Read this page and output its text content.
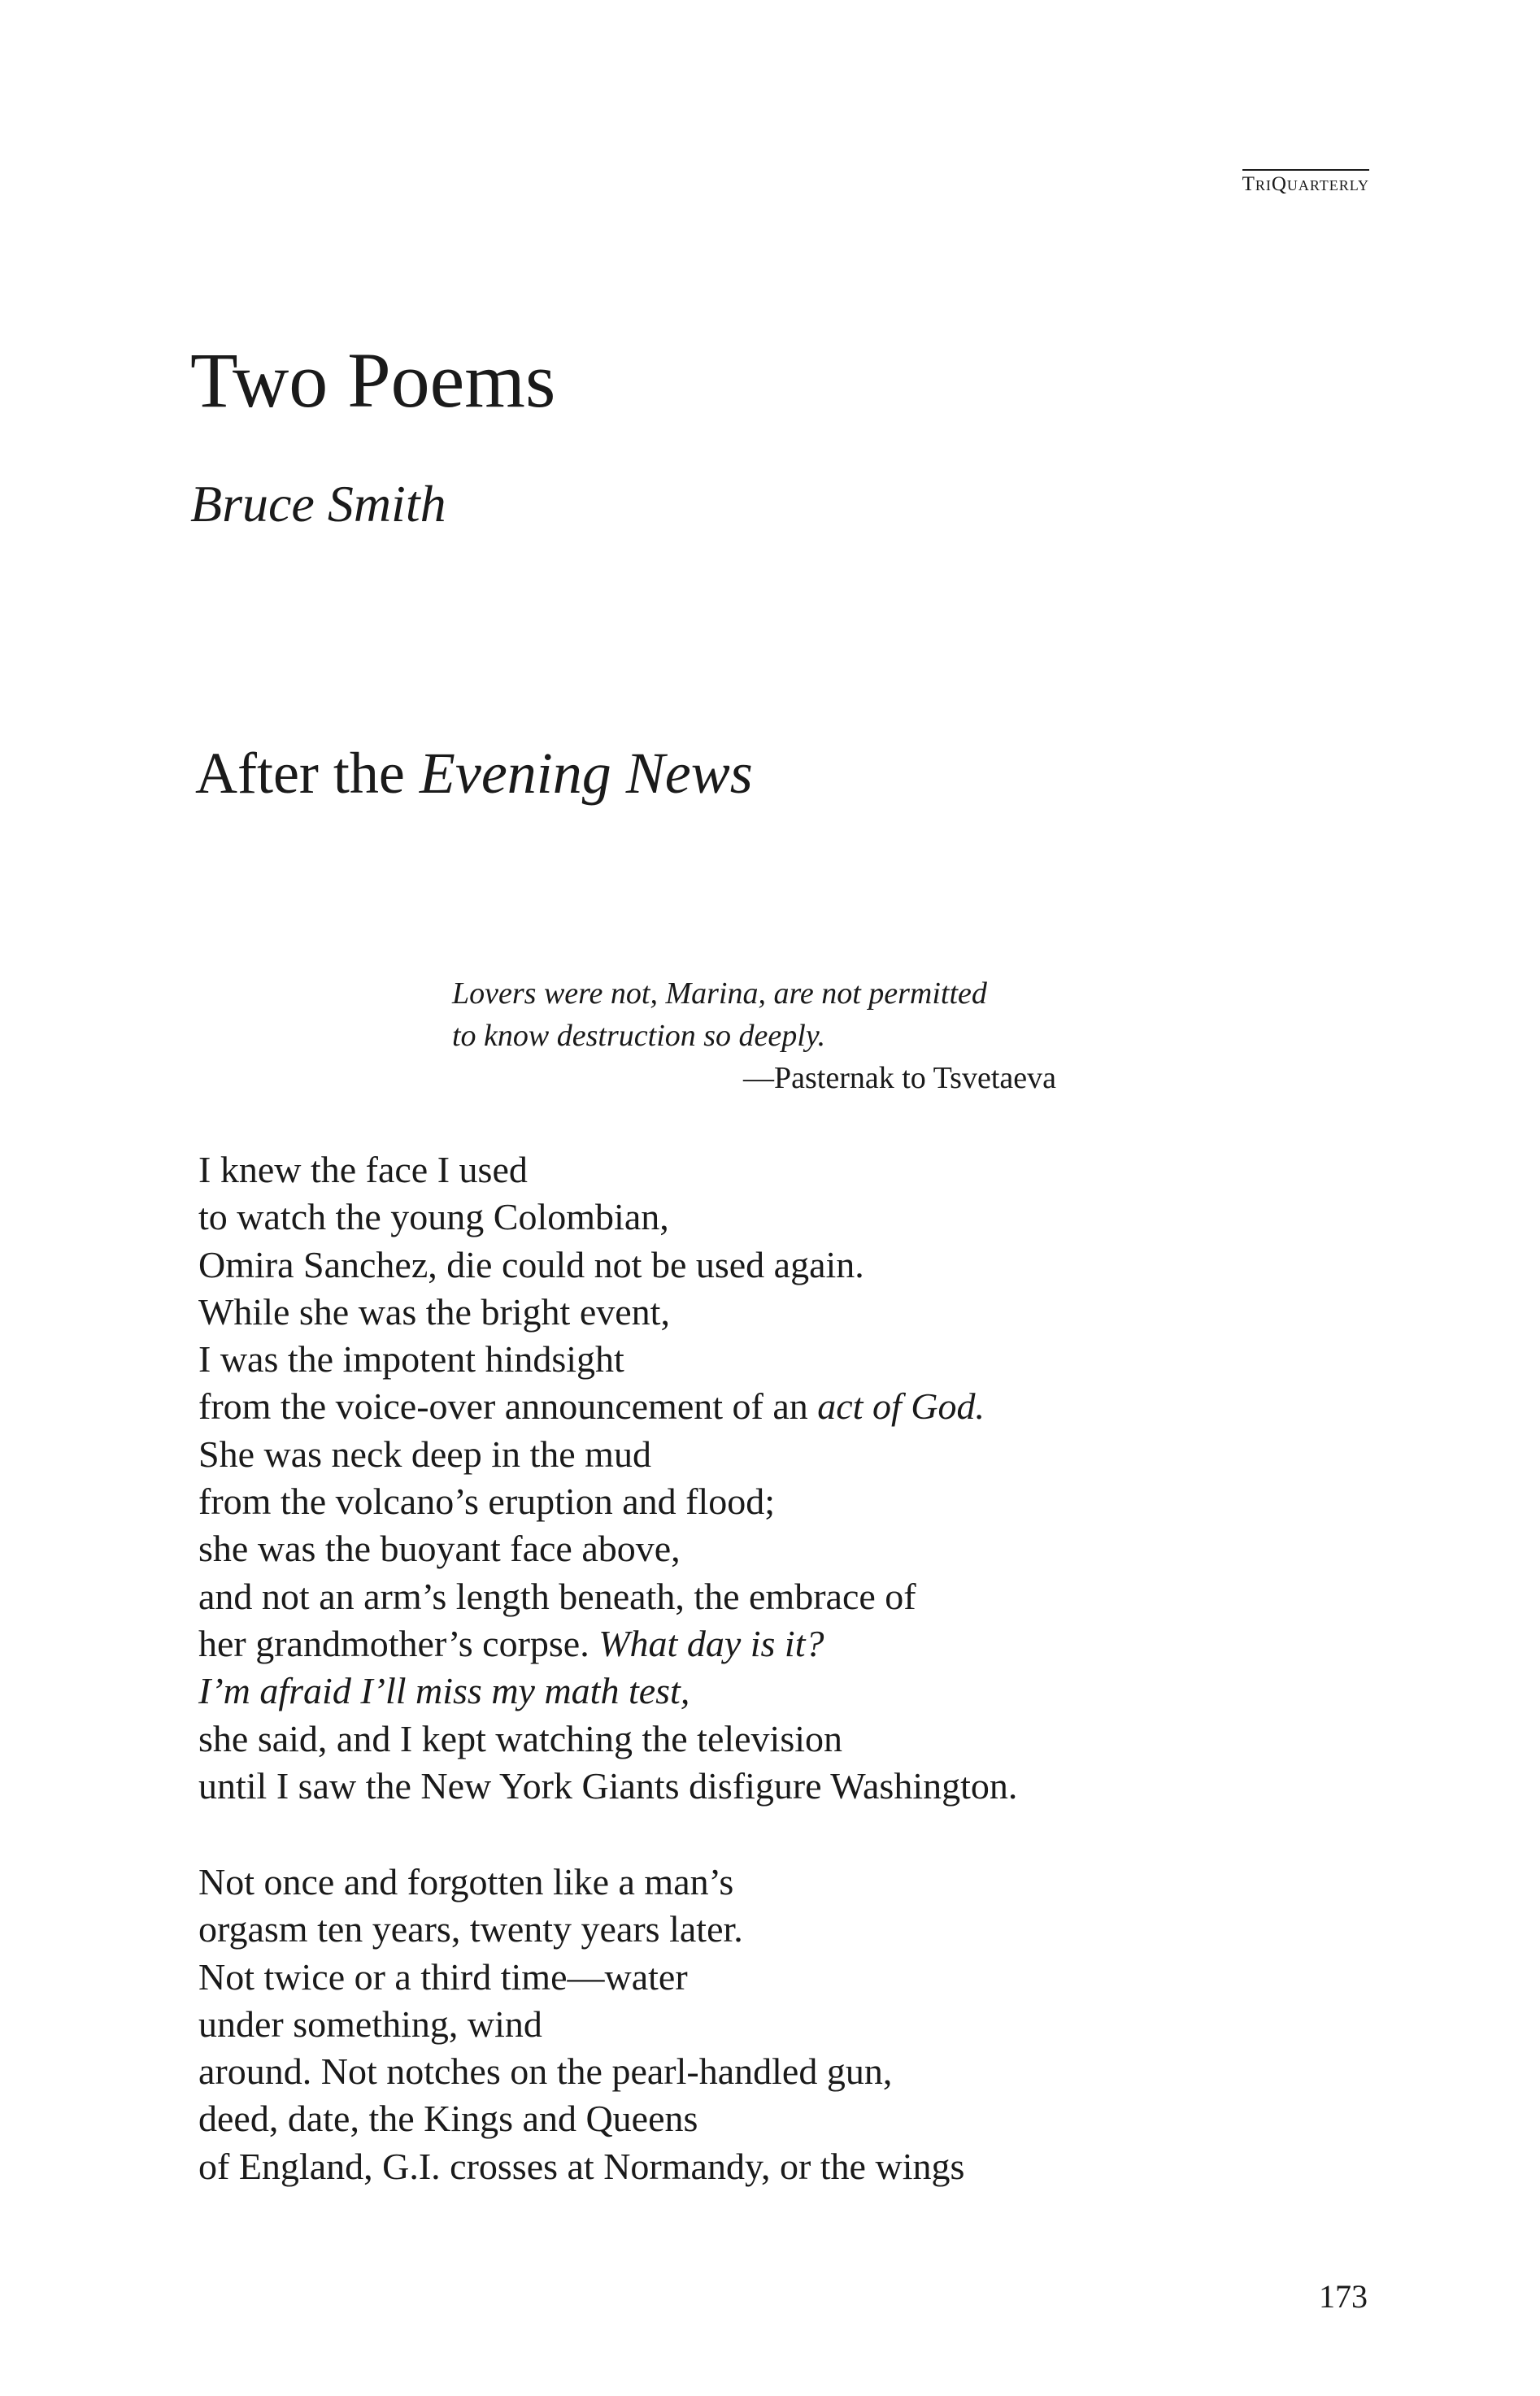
TriQuarterly
Two Poems
Bruce Smith
After the Evening News
Lovers were not, Marina, are not permitted
to know destruction so deeply.
—Pasternak to Tsvetaeva
I knew the face I used
to watch the young Colombian,
Omira Sanchez, die could not be used again.
While she was the bright event,
I was the impotent hindsight
from the voice-over announcement of an act of God.
She was neck deep in the mud
from the volcano’s eruption and flood;
she was the buoyant face above,
and not an arm’s length beneath, the embrace of
her grandmother’s corpse. What day is it?
I’m afraid I’ll miss my math test,
she said, and I kept watching the television
until I saw the New York Giants disfigure Washington.
Not once and forgotten like a man’s
orgasm ten years, twenty years later.
Not twice or a third time—water
under something, wind
around. Not notches on the pearl-handled gun,
deed, date, the Kings and Queens
of England, G.I. crosses at Normandy, or the wings
173
